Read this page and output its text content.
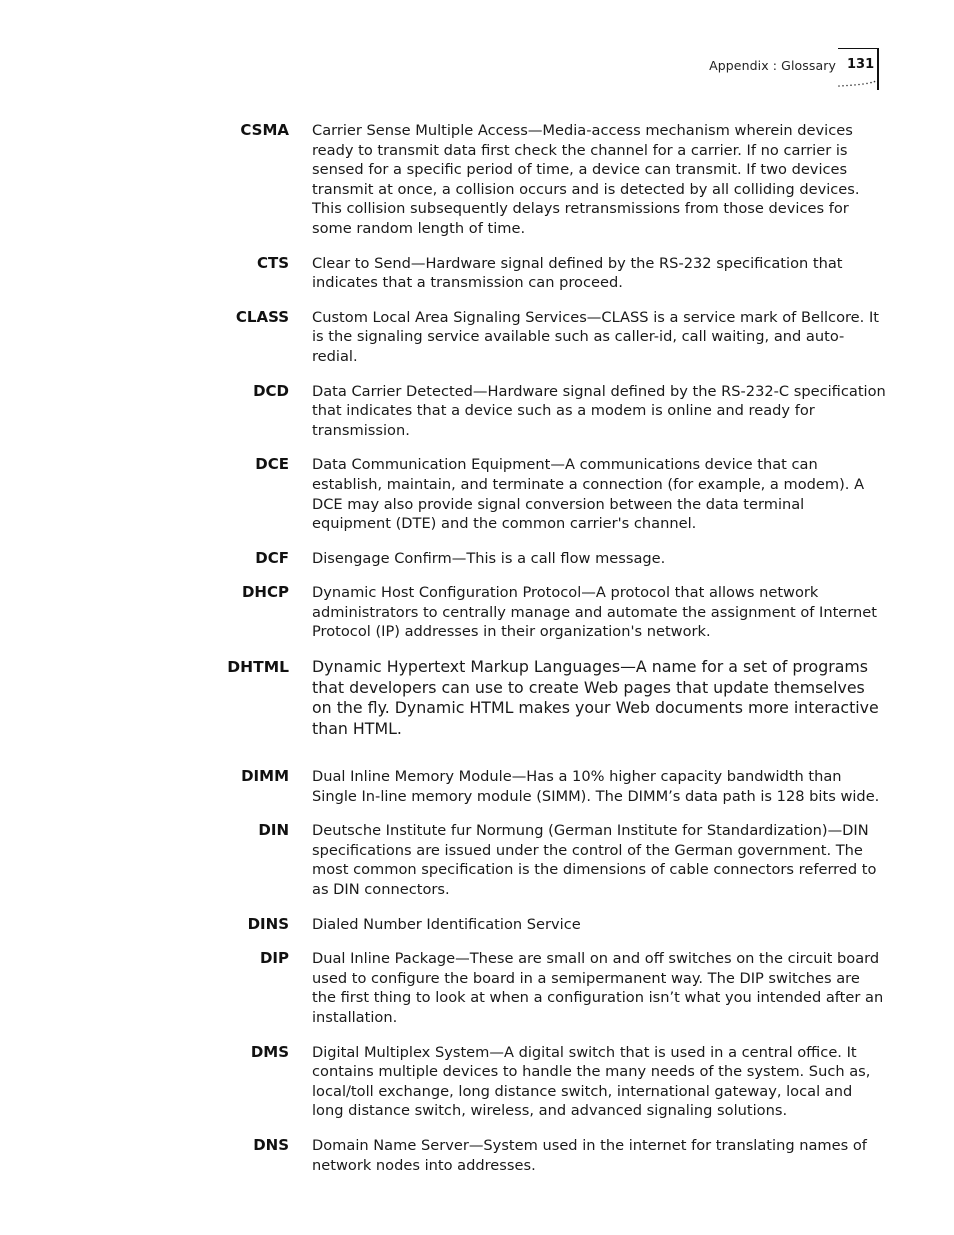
Appendix : Glossary 131
CSMA Carrier Sense Multiple Access—Media-access mechanism wherein devices ready to transmit data first check the channel for a carrier. If no carrier is sensed for a specific period of time, a device can transmit. If two devices transmit at once, a collision occurs and is detected by all colliding devices. This collision subsequently delays retransmissions from those devices for some random length of time.
CTS Clear to Send—Hardware signal defined by the RS-232 specification that indicates that a transmission can proceed.
CLASS Custom Local Area Signaling Services—CLASS is a service mark of Bellcore. It is the signaling service available such as caller-id, call waiting, and auto-redial.
DCD Data Carrier Detected—Hardware signal defined by the RS-232-C specification that indicates that a device such as a modem is online and ready for transmission.
DCE Data Communication Equipment—A communications device that can establish, maintain, and terminate a connection (for example, a modem). A DCE may also provide signal conversion between the data terminal equipment (DTE) and the common carrier's channel.
DCF Disengage Confirm—This is a call flow message.
DHCP Dynamic Host Configuration Protocol—A protocol that allows network administrators to centrally manage and automate the assignment of Internet Protocol (IP) addresses in their organization's network.
DHTML Dynamic Hypertext Markup Languages—A name for a set of programs that developers can use to create Web pages that update themselves on the fly. Dynamic HTML makes your Web documents more interactive than HTML.
DIMM Dual Inline Memory Module—Has a 10% higher capacity bandwidth than Single In-line memory module (SIMM). The DIMM’s data path is 128 bits wide.
DIN Deutsche Institute fur Normung (German Institute for Standardization)—DIN specifications are issued under the control of the German government. The most common specification is the dimensions of cable connectors referred to as DIN connectors.
DINS Dialed Number Identification Service
DIP Dual Inline Package—These are small on and off switches on the circuit board used to configure the board in a semipermanent way. The DIP switches are the first thing to look at when a configuration isn’t what you intended after an installation.
DMS Digital Multiplex System—A digital switch that is used in a central office. It contains multiple devices to handle the many needs of the system. Such as, local/toll exchange, long distance switch, international gateway, local and long distance switch, wireless, and advanced signaling solutions.
DNS Domain Name Server—System used in the internet for translating names of network nodes into addresses.
